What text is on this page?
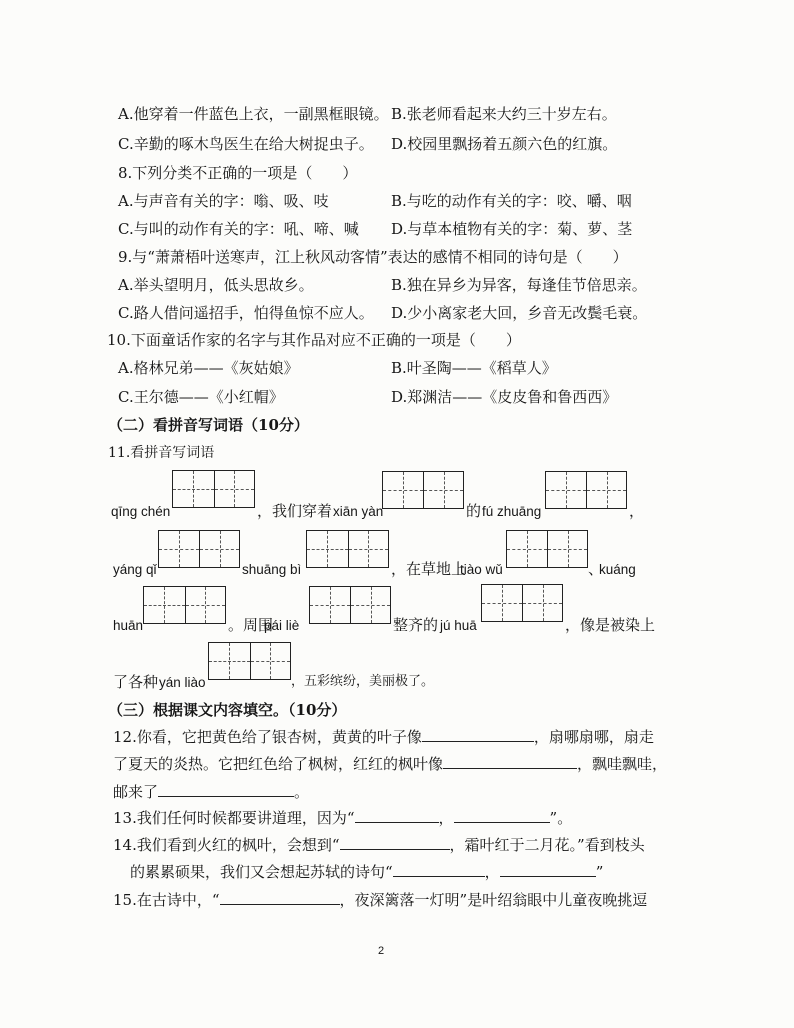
A.他穿着一件蓝色上衣，一副黑框眼镜。 B.张老师看起来大约三十岁左右。
C.辛勤的啄木鸟医生在给大树捉虫子。 D.校园里飘扬着五颜六色的红旗。
8.下列分类不正确的一项是（　　）
A.与声音有关的字：嗡、吸、吱	B.与吃的动作有关的字：咬、嚼、咽
C.与叫的动作有关的字：吼、啼、喊 D.与草本植物有关的字：菊、萝、茎
9.与“萧萧梧叶送寒声，江上秋风动客情”表达的感情不相同的诗句是（　　）
A.举头望明月，低头思故乡。	B.独在异乡为异客，每逢佳节倍思亲。
C.路人借问遥招手，怕得鱼惊不应人。 D.少小离家老大回，乡音无改鬓毛衰。
10.下面童话作家的名字与其作品对应不正确的一项是（　　）
A.格林兄弟——《灰姑娘》	B.叶圣陶——《稻草人》
C.王尔德——《小红帽》	D.郑渊洁——《皮皮鲁和鲁西西》
（二）看拼音写词语（10分）
11.看拼音写词语
qīng chén	，我们穿着 xiān yàn	的 fú zhuāng	，
yáng qǐ	shuāng bì	，在草地上
tiào wǔ	、
kuáng
huān	。周围
pái liè	整齐的 jú huā	，像是被染上
了各种 yán liào	，五彩缤纷，美丽极了。
（三）根据课文内容填空。（10分）
12.你看，它把黄色给了银杏树，黄黄的叶子像	，扇哪扇哪，扇走
了夏天的炎热。它把红色给了枫树，红红的枫叶像	，飘哇飘哇，
邮来了	。
13.我们任何时候都要讲道理，因为“	，	”。
14.我们看到火红的枫叶，会想到“	，霜叶红于二月花。”看到枝头
的累累硕果，我们又会想起苏轼的诗句“	，	”
15.在古诗中，“	，夜深篱落一灯明”是叶绍翁眼中儿童夜晚挑逗
2
